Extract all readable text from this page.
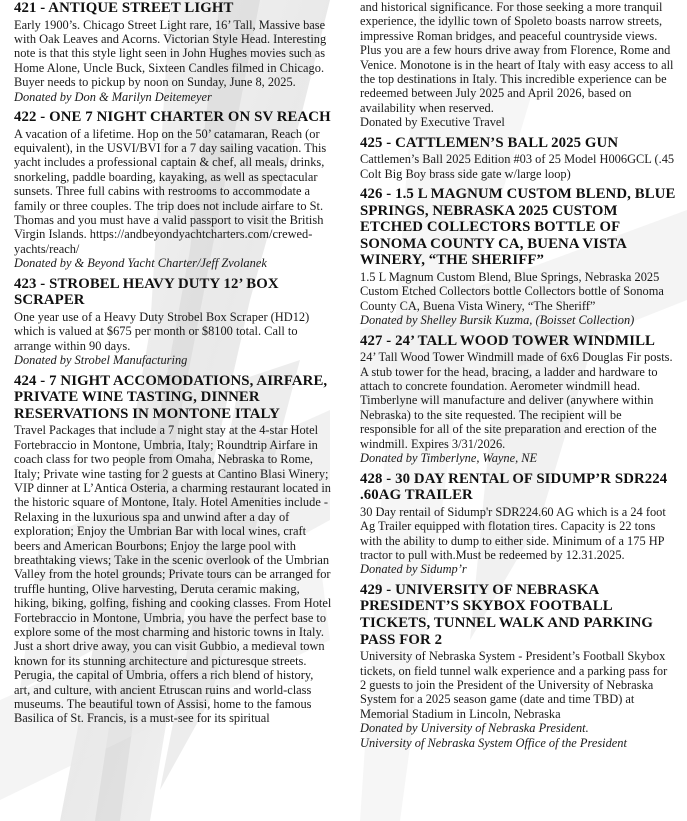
421 - ANTIQUE STREET LIGHT

Early 1900’s. Chicago Street Light rare, 16’ Tall, Massive base with Oak Leaves and Acorns. Victorian Style Head. Interesting note is that this style light seen in John Hughes movies such as Home Alone, Uncle Buck, Sixteen Candles filmed in Chicago. Buyer needs to pickup by noon on Sunday, June 8, 2025.

Donated by Don & Marilyn Deitemeyer

422 - ONE 7 NIGHT CHARTER ON SV REACH

A vacation of a lifetime. Hop on the 50’ catamaran, Reach (or equivalent), in the USVI/BVI for a 7 day sailing vacation. This yacht includes a professional captain & chef, all meals, drinks, snorkeling, paddle boarding, kayaking, as well as spectacular sunsets. Three full cabins with restrooms to accommodate a family or three couples. The trip does not include airfare to St. Thomas and you must have a valid passport to visit the British Virgin Islands. https://andbeyondyachtcharters.com/crewed-yachts/reach/

Donated by & Beyond Yacht Charter/Jeff Zvolanek

423 - STROBEL HEAVY DUTY 12’ BOX SCRAPER

One year use of a Heavy Duty Strobel Box Scraper (HD12) which is valued at $675 per month or $8100 total. Call to arrange within 90 days.

Donated by Strobel Manufacturing

424 - 7 NIGHT ACCOMODATIONS, AIRFARE, PRIVATE WINE TASTING, DINNER RESERVATIONS IN MONTONE ITALY

Travel Packages that include a 7 night stay at the 4-star Hotel Fortebraccio in Montone, Umbria, Italy; Roundtrip Airfare in coach class for two people from Omaha, Nebraska to Rome, Italy; Private wine tasting for 2 guests at Cantino Blasi Winery; VIP dinner at L’Antica Osteria, a charming restaurant located in the historic square of Montone, Italy. Hotel Amenities include - Relaxing in the luxurious spa and unwind after a day of exploration; Enjoy the Umbrian Bar with local wines, craft beers and American Bourbons; Enjoy the large pool with breathtaking views; Take in the scenic overlook of the Umbrian Valley from the hotel grounds; Private tours can be arranged for truffle hunting, Olive harvesting, Deruta ceramic making, hiking, biking, golfing, fishing and cooking classes. From Hotel Fortebraccio in Montone, Umbria, you have the perfect base to explore some of the most charming and historic towns in Italy. Just a short drive away, you can visit Gubbio, a medieval town known for its stunning architecture and picturesque streets. Perugia, the capital of Umbria, offers a rich blend of history, art, and culture, with ancient Etruscan ruins and world-class museums. The beautiful town of Assisi, home to the famous Basilica of St. Francis, is a must-see for its spiritual

and historical significance. For those seeking a more tranquil experience, the idyllic town of Spoleto boasts narrow streets, impressive Roman bridges, and peaceful countryside views. Plus you are a few hours drive away from Florence, Rome and Venice. Monotone is in the heart of Italy with easy access to all the top destinations in Italy. This incredible experience can be redeemed between July 2025 and April 2026, based on availability when reserved.

Donated by Executive Travel

425 - CATTLEMEN’S BALL 2025 GUN

Cattlemen’s Ball 2025 Edition #03 of 25 Model H006GCL (.45 Colt Big Boy brass side gate w/large loop)

426 - 1.5 L MAGNUM CUSTOM BLEND, BLUE SPRINGS, NEBRASKA 2025 CUSTOM ETCHED COLLECTORS BOTTLE OF SONOMA COUNTY CA, BUENA VISTA WINERY, “THE SHERIFF”

1.5 L Magnum Custom Blend, Blue Springs, Nebraska 2025 Custom Etched Collectors bottle Collectors bottle of Sonoma County CA, Buena Vista Winery, “The Sheriff”

Donated by Shelley Bursik Kuzma, (Boisset Collection)

427 - 24’ TALL WOOD TOWER WINDMILL

24’ Tall Wood Tower Windmill made of 6x6 Douglas Fir posts. A stub tower for the head, bracing, a ladder and hardware to attach to concrete foundation. Aerometer windmill head. Timberlyne will manufacture and deliver (anywhere within Nebraska) to the site requested. The recipient will be responsible for all of the site preparation and erection of the windmill. Expires 3/31/2026.

Donated by Timberlyne, Wayne, NE

428 - 30 DAY RENTAL OF SIDUMP’R SDR224 .60AG TRAILER

30 Day rentail of Sidump'r SDR224.60 AG which is a 24 foot Ag Trailer equipped with flotation tires. Capacity is 22 tons with the ability to dump to either side. Minimum of a 175 HP tractor to pull with.Must be redeemed by 12.31.2025.

Donated by Sidump’r

429 - UNIVERSITY OF NEBRASKA PRESIDENT’S SKYBOX FOOTBALL TICKETS, TUNNEL WALK AND PARKING PASS FOR 2

University of Nebraska System - President’s Football Skybox tickets, on field tunnel walk experience and a parking pass for 2 guests to join the President of the University of Nebraska System for a 2025 season game (date and time TBD) at Memorial Stadium in Lincoln, Nebraska

Donated by University of Nebraska President.

University of Nebraska System Office of the President
